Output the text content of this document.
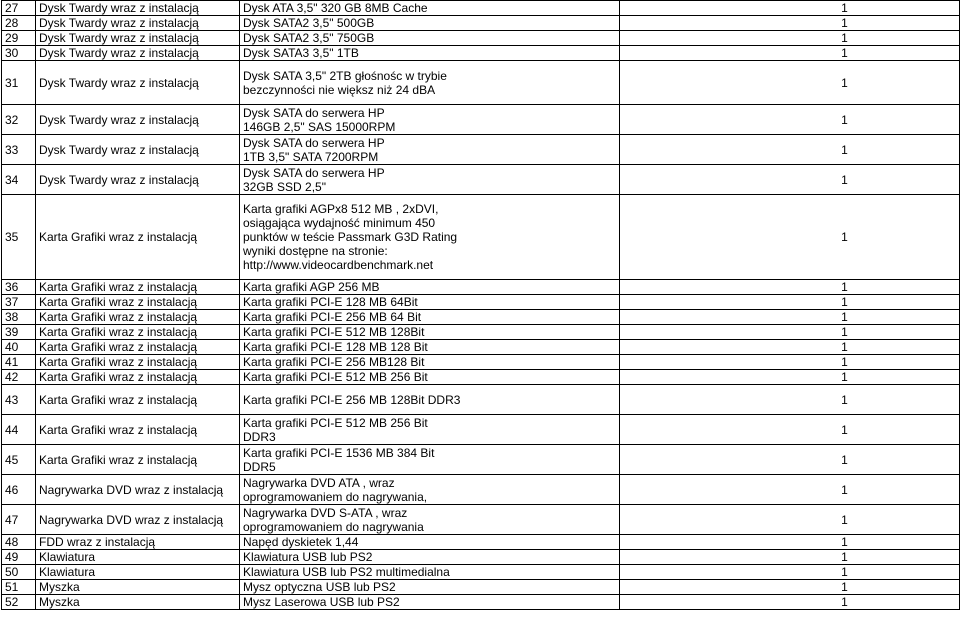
27	Dysk Twardy wraz z instalacją	Dysk ATA 3,5" 320 GB 8MB Cache	1
28	Dysk Twardy wraz z instalacją	Dysk SATA2 3,5" 500GB	1
29	Dysk Twardy wraz z instalacją	Dysk SATA2 3,5" 750GB	1
30	Dysk Twardy wraz z instalacją	Dysk SATA3 3,5" 1TB	1
31	Dysk Twardy wraz z instalacją	Dysk SATA 3,5" 2TB głośnośc w trybie
bezczynności nie większ niż 24 dBA	1
32	Dysk Twardy wraz z instalacją	Dysk SATA do serwera HP
146GB 2,5" SAS 15000RPM	1
33	Dysk Twardy wraz z instalacją	Dysk SATA do serwera HP
1TB 3,5" SATA 7200RPM	1
34	Dysk Twardy wraz z instalacją	Dysk SATA do serwera HP
32GB SSD 2,5"	1
35	Karta Grafiki wraz z instalacją	Karta grafiki AGPx8 512 MB , 2xDVI,
osiągająca wydajność minimum 450
punktów w teście Passmark G3D Rating
wyniki dostępne na stronie:
http://www.videocardbenchmark.net	1
36	Karta Grafiki wraz z instalacją	Karta grafiki AGP 256 MB	1
37	Karta Grafiki wraz z instalacją	Karta grafiki PCI-E 128 MB 64Bit	1
38	Karta Grafiki wraz z instalacją	Karta grafiki PCI-E 256 MB 64 Bit	1
39	Karta Grafiki wraz z instalacją	Karta grafiki PCI-E 512 MB 128Bit	1
40	Karta Grafiki wraz z instalacją	Karta grafiki PCI-E 128 MB 128 Bit	1
41	Karta Grafiki wraz z instalacją	Karta grafiki PCI-E 256 MB128 Bit	1
42	Karta Grafiki wraz z instalacją	Karta grafiki PCI-E 512 MB 256 Bit	1
43	Karta Grafiki wraz z instalacją	Karta grafiki PCI-E 256 MB 128Bit DDR3	1
44	Karta Grafiki wraz z instalacją	Karta grafiki PCI-E 512 MB 256 Bit
DDR3	1
45	Karta Grafiki wraz z instalacją	Karta grafiki PCI-E 1536 MB 384 Bit
DDR5	1
46	Nagrywarka DVD wraz z instalacją	Nagrywarka DVD ATA , wraz
oprogramowaniem do nagrywania,	1
47	Nagrywarka DVD wraz z instalacją	Nagrywarka DVD S-ATA , wraz
oprogramowaniem do nagrywania	1
48	FDD wraz z instalacją	Napęd dyskietek 1,44	1
49	Klawiatura	Klawiatura USB lub PS2	1
50	Klawiatura	Klawiatura USB lub PS2 multimedialna	1
51	Myszka	Mysz optyczna USB lub PS2	1
52	Myszka	Mysz Laserowa USB lub PS2	1
